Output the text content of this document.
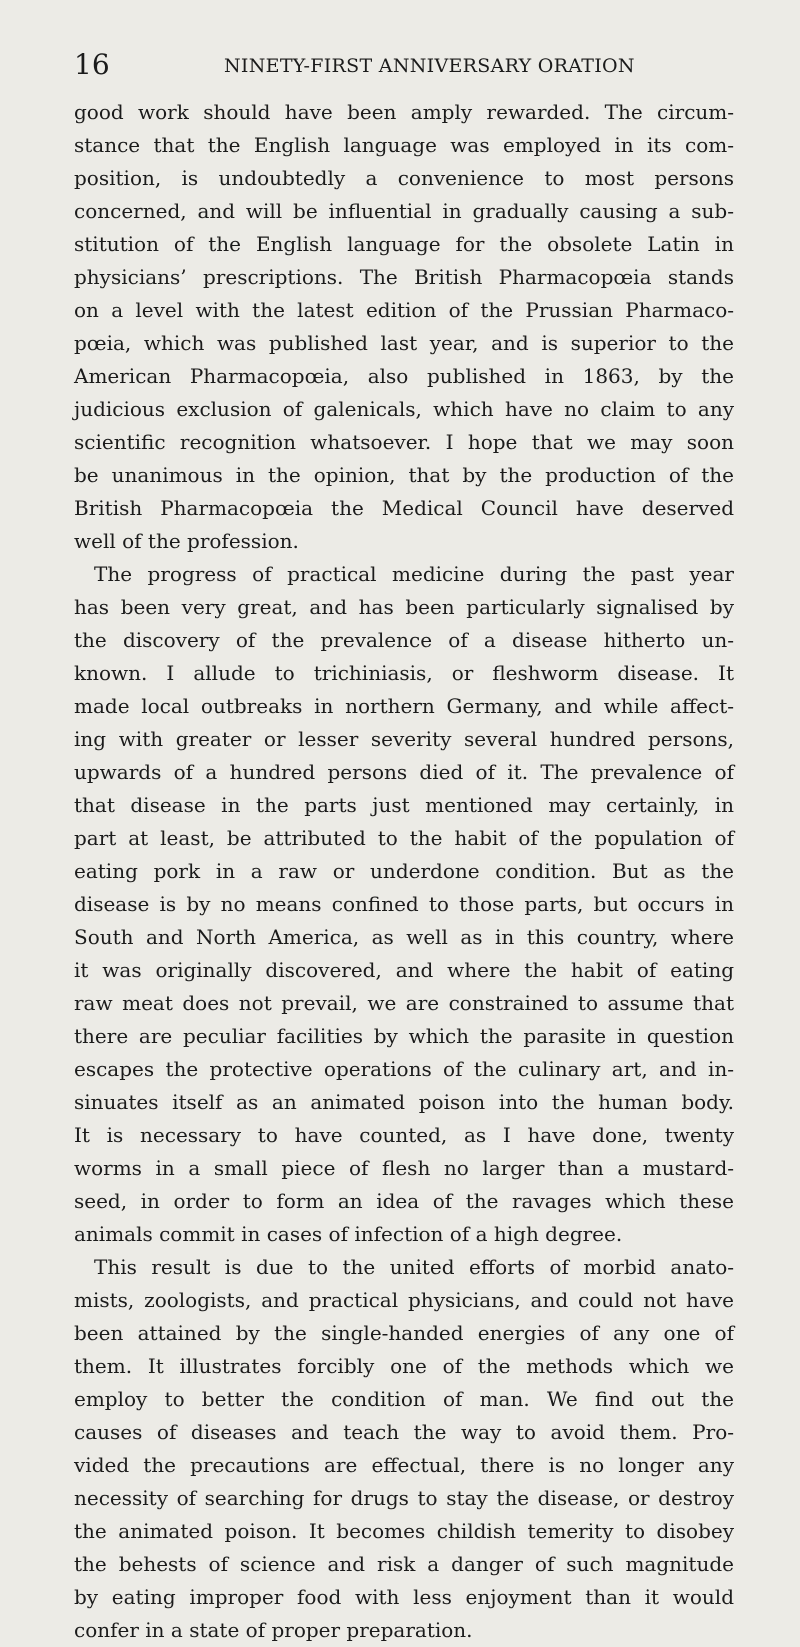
16	NINETY-FIRST ANNIVERSARY ORATION
good work should have been amply rewarded. The circum-
stance that the English language was employed in its com-
position, is undoubtedly a convenience to most persons
concerned, and will be influential in gradually causing a sub-
stitution of the English language for the obsolete Latin in
physicians’ prescriptions. The British Pharmacopœia stands
on a level with the latest edition of the Prussian Pharmaco-
pœia, which was published last year, and is superior to the
American Pharmacopœia, also published in 1863, by the
judicious exclusion of galenicals, which have no claim to any
scientific recognition whatsoever. I hope that we may soon
be unanimous in the opinion, that by the production of the
British Pharmacopœia the Medical Council have deserved
well of the profession.
The progress of practical medicine during the past year
has been very great, and has been particularly signalised by
the discovery of the prevalence of a disease hitherto un-
known. I allude to trichiniasis, or fleshworm disease. It
made local outbreaks in northern Germany, and while affect-
ing with greater or lesser severity several hundred persons,
upwards of a hundred persons died of it. The prevalence of
that disease in the parts just mentioned may certainly, in
part at least, be attributed to the habit of the population of
eating pork in a raw or underdone condition. But as the
disease is by no means confined to those parts, but occurs in
South and North America, as well as in this country, where
it was originally discovered, and where the habit of eating
raw meat does not prevail, we are constrained to assume that
there are peculiar facilities by which the parasite in question
escapes the protective operations of the culinary art, and in-
sinuates itself as an animated poison into the human body.
It is necessary to have counted, as I have done, twenty
worms in a small piece of flesh no larger than a mustard-
seed, in order to form an idea of the ravages which these
animals commit in cases of infection of a high degree.
This result is due to the united efforts of morbid anato-
mists, zoologists, and practical physicians, and could not have
been attained by the single-handed energies of any one of
them. It illustrates forcibly one of the methods which we
employ to better the condition of man. We find out the
causes of diseases and teach the way to avoid them. Pro-
vided the precautions are effectual, there is no longer any
necessity of searching for drugs to stay the disease, or destroy
the animated poison. It becomes childish temerity to disobey
the behests of science and risk a danger of such magnitude
by eating improper food with less enjoyment than it would
confer in a state of proper preparation.
